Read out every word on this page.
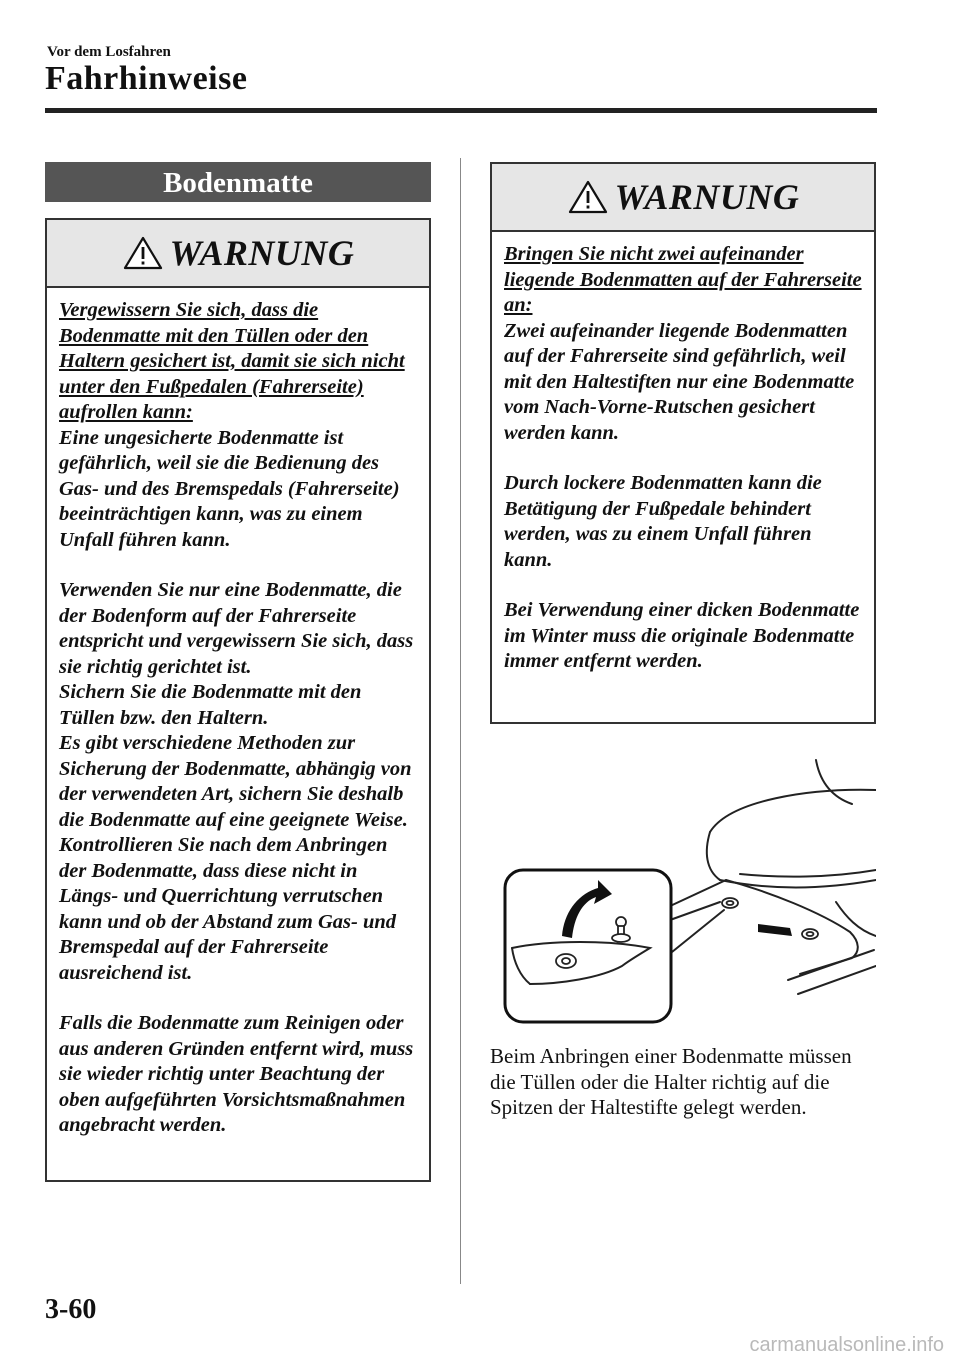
Vor dem Losfahren
Fahrhinweise
Bodenmatte
WARNUNG

Vergewissern Sie sich, dass die Bodenmatte mit den Tüllen oder den Haltern gesichert ist, damit sie sich nicht unter den Fußpedalen (Fahrerseite) aufrollen kann:

Eine ungesicherte Bodenmatte ist gefährlich, weil sie die Bedienung des Gas- und des Bremspedals (Fahrerseite) beeinträchtigen kann, was zu einem Unfall führen kann.

Verwenden Sie nur eine Bodenmatte, die der Bodenform auf der Fahrerseite entspricht und vergewissern Sie sich, dass sie richtig gerichtet ist.

Sichern Sie die Bodenmatte mit den Tüllen bzw. den Haltern.

Es gibt verschiedene Methoden zur Sicherung der Bodenmatte, abhängig von der verwendeten Art, sichern Sie deshalb die Bodenmatte auf eine geeignete Weise.

Kontrollieren Sie nach dem Anbringen der Bodenmatte, dass diese nicht in Längs- und Querrichtung verrutschen kann und ob der Abstand zum Gas- und Bremspedal auf der Fahrerseite ausreichend ist.

Falls die Bodenmatte zum Reinigen oder aus anderen Gründen entfernt wird, muss sie wieder richtig unter Beachtung der oben aufgeführten Vorsichtsmaßnahmen angebracht werden.

WARNUNG

Bringen Sie nicht zwei aufeinander liegende Bodenmatten auf der Fahrerseite an:

Zwei aufeinander liegende Bodenmatten auf der Fahrerseite sind gefährlich, weil mit den Haltestiften nur eine Bodenmatte vom Nach-Vorne-Rutschen gesichert werden kann.

Durch lockere Bodenmatten kann die Betätigung der Fußpedale behindert werden, was zu einem Unfall führen kann.

Bei Verwendung einer dicken Bodenmatte im Winter muss die originale Bodenmatte immer entfernt werden.

Beim Anbringen einer Bodenmatte müssen die Tüllen oder die Halter richtig auf die Spitzen der Haltestifte gelegt werden.
3-60
carmanualsonline.info
